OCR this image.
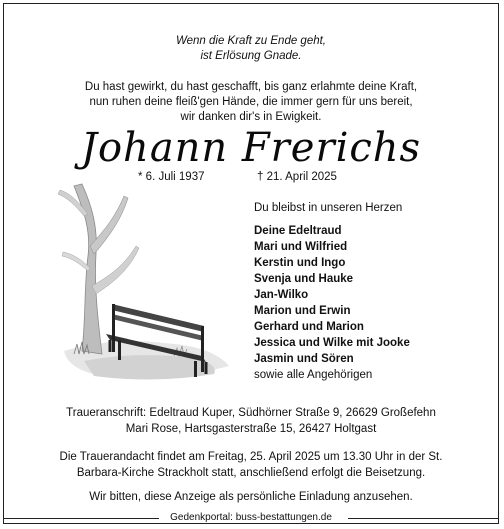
Wenn die Kraft zu Ende geht,
ist Erlösung Gnade.
Du hast gewirkt, du hast geschafft, bis ganz erlahmte deine Kraft,
nun ruhen deine fleiß'gen Hände, die immer gern für uns bereit,
wir danken dir's in Ewigkeit.
Johann Frerichs
* 6. Juli 1937	† 21. April 2025
Du bleibst in unseren Herzen
Deine Edeltraud
Mari und Wilfried
Kerstin und Ingo
Svenja und Hauke
Jan-Wilko
Marion und Erwin
Gerhard und Marion
Jessica und Wilke mit Jooke
Jasmin und Sören
sowie alle Angehörigen
Traueranschrift: Edeltraud Kuper, Südhörner Straße 9, 26629 Großefehn
Mari Rose, Hartsgasterstraße 15, 26427 Holtgast
Die Trauerandacht findet am Freitag, 25. April 2025 um 13.30 Uhr in der St.
Barbara-Kirche Strackholt statt, anschließend erfolgt die Beisetzung.
Wir bitten, diese Anzeige als persönliche Einladung anzusehen.
Gedenkportal: buss-bestattungen.de
